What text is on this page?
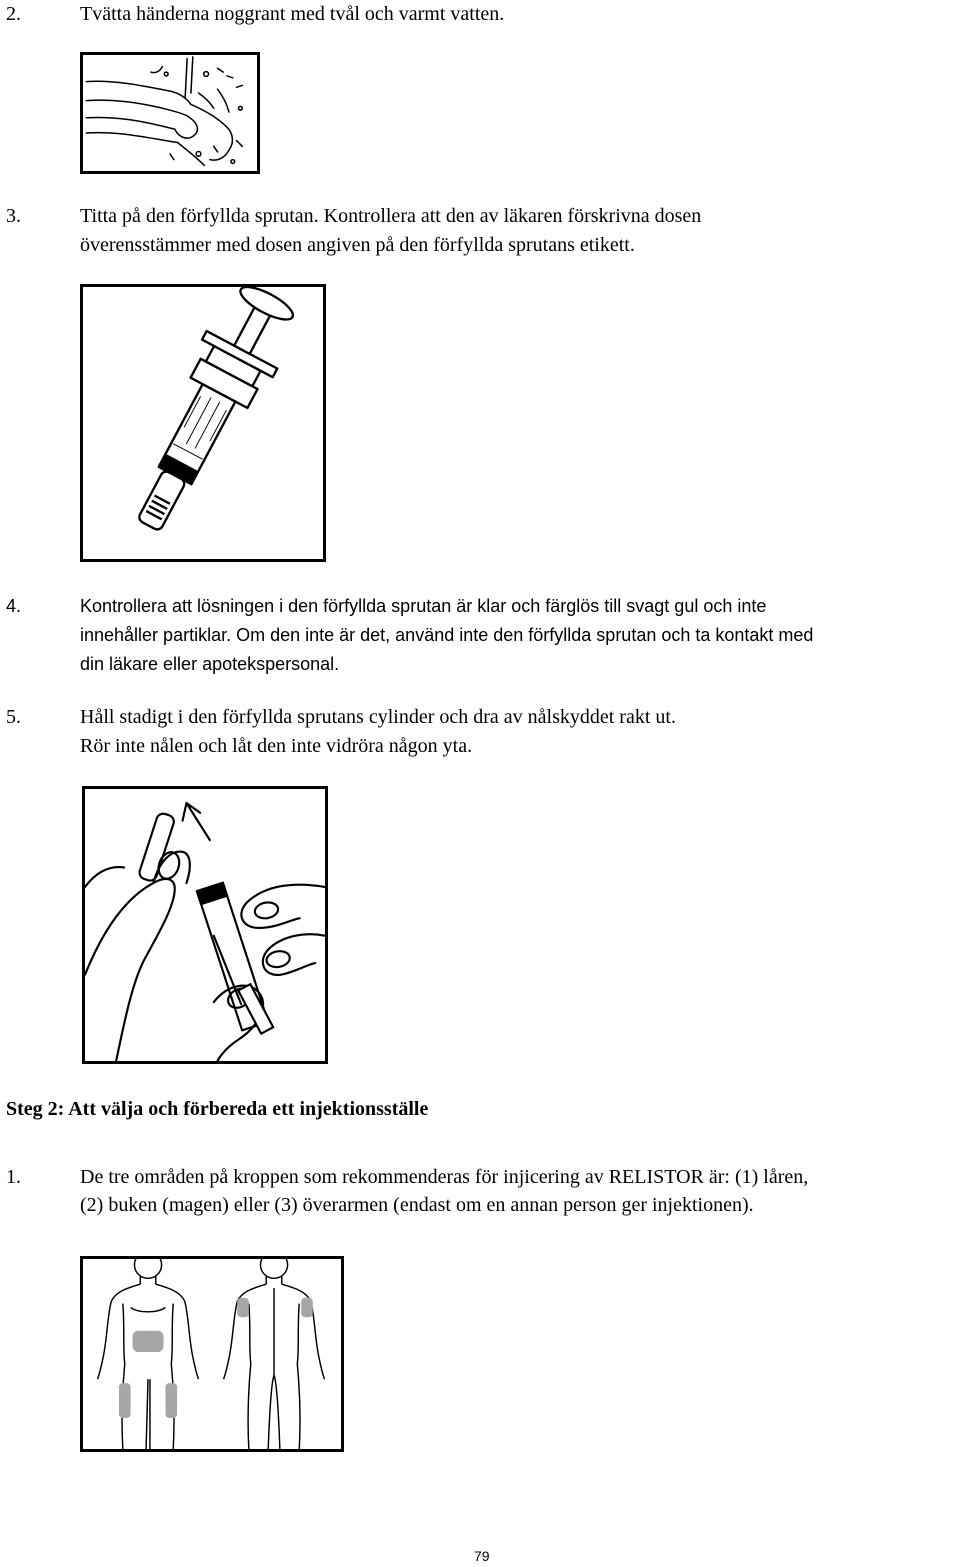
2.	Tvätta händerna noggrant med tvål och varmt vatten.
3.	Titta på den förfyllda sprutan. Kontrollera att den av läkaren förskrivna dosen
överensstämmer med dosen angiven på den förfyllda sprutans etikett.
4.	Kontrollera att lösningen i den förfyllda sprutan är klar och färglös till svagt gul och inte
innehåller partiklar. Om den inte är det, använd inte den förfyllda sprutan och ta kontakt med
din läkare eller apotekspersonal.
5.	Håll stadigt i den förfyllda sprutans cylinder och dra av nålskyddet rakt ut.
Rör inte nålen och låt den inte vidröra någon yta.
Steg 2: Att välja och förbereda ett injektionsställe
1.	De tre områden på kroppen som rekommenderas för injicering av RELISTOR är: (1) låren,
(2) buken (magen) eller (3) överarmen (endast om en annan person ger injektionen).
79
